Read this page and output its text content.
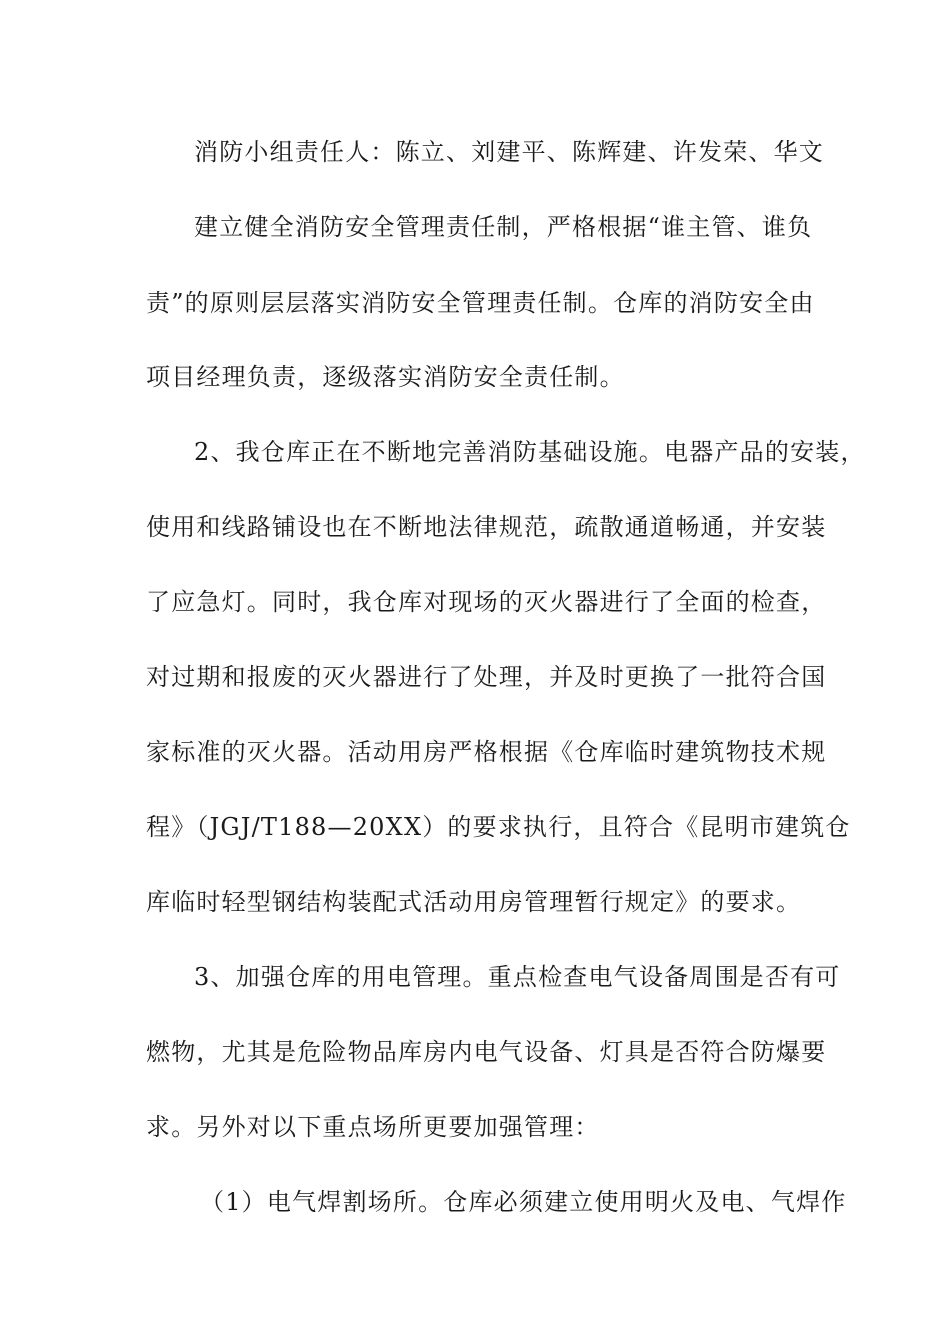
消防小组责任人：陈立、刘建平、陈辉建、许发荣、华文
建立健全消防安全管理责任制，严格根据“谁主管、谁负
责”的原则层层落实消防安全管理责任制。仓库的消防安全由
项目经理负责，逐级落实消防安全责任制。
2、我仓库正在不断地完善消防基础设施。电器产品的安装，
使用和线路铺设也在不断地法律规范，疏散通道畅通，并安装
了应急灯。同时，我仓库对现场的灭火器进行了全面的检查，
对过期和报废的灭火器进行了处理，并及时更换了一批符合国
家标准的灭火器。活动用房严格根据《仓库临时建筑物技术规
程》（JGJ/T188—20XX）的要求执行，且符合《昆明市建筑仓
库临时轻型钢结构装配式活动用房管理暂行规定》的要求。
3、加强仓库的用电管理。重点检查电气设备周围是否有可
燃物，尤其是危险物品库房内电气设备、灯具是否符合防爆要
求。另外对以下重点场所更要加强管理：
（1）电气焊割场所。仓库必须建立使用明火及电、气焊作
